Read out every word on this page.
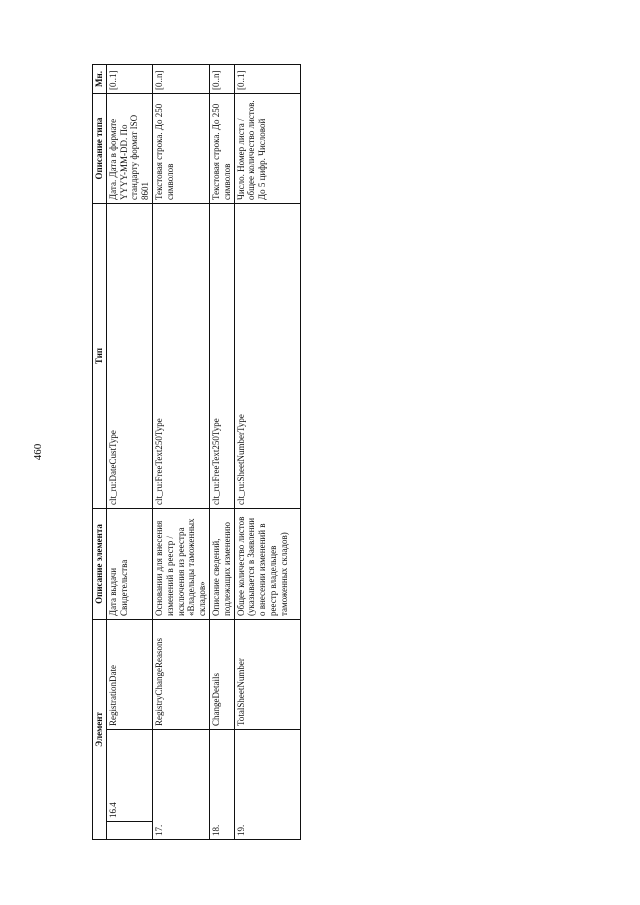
460
Элемент			Описание элемента	Тип	Описание типа	Мн.
	16.4	RegistrationDate	Дата выдачи Свидетельства	clt_ru:DateCustType	Дата. Дата в формате YYYY-MM-DD. По стандарту формат ISO 8601	[0..1]
17.		RegistryChangeReasons	Основании для внесения изменений в реестр / исключения из реестра «Владельцы таможенных складов»	clt_ru:FreeText250Type	Текстовая строка. До 250 символов	[0..n]
18.		ChangeDetails	Описание сведений, подлежащих изменению	clt_ru:FreeText250Type	Текстовая строка. До 250 символов	[0..n]
19.		TotalSheetNumber	Общее количество листов (указывается в Заявлении о внесении изменений в реестр владельцев таможенных складов)	clt_ru:SheetNumberType	Число. Номер листа / общее количество листов. До 5 цифр. Числовой	[0..1]
